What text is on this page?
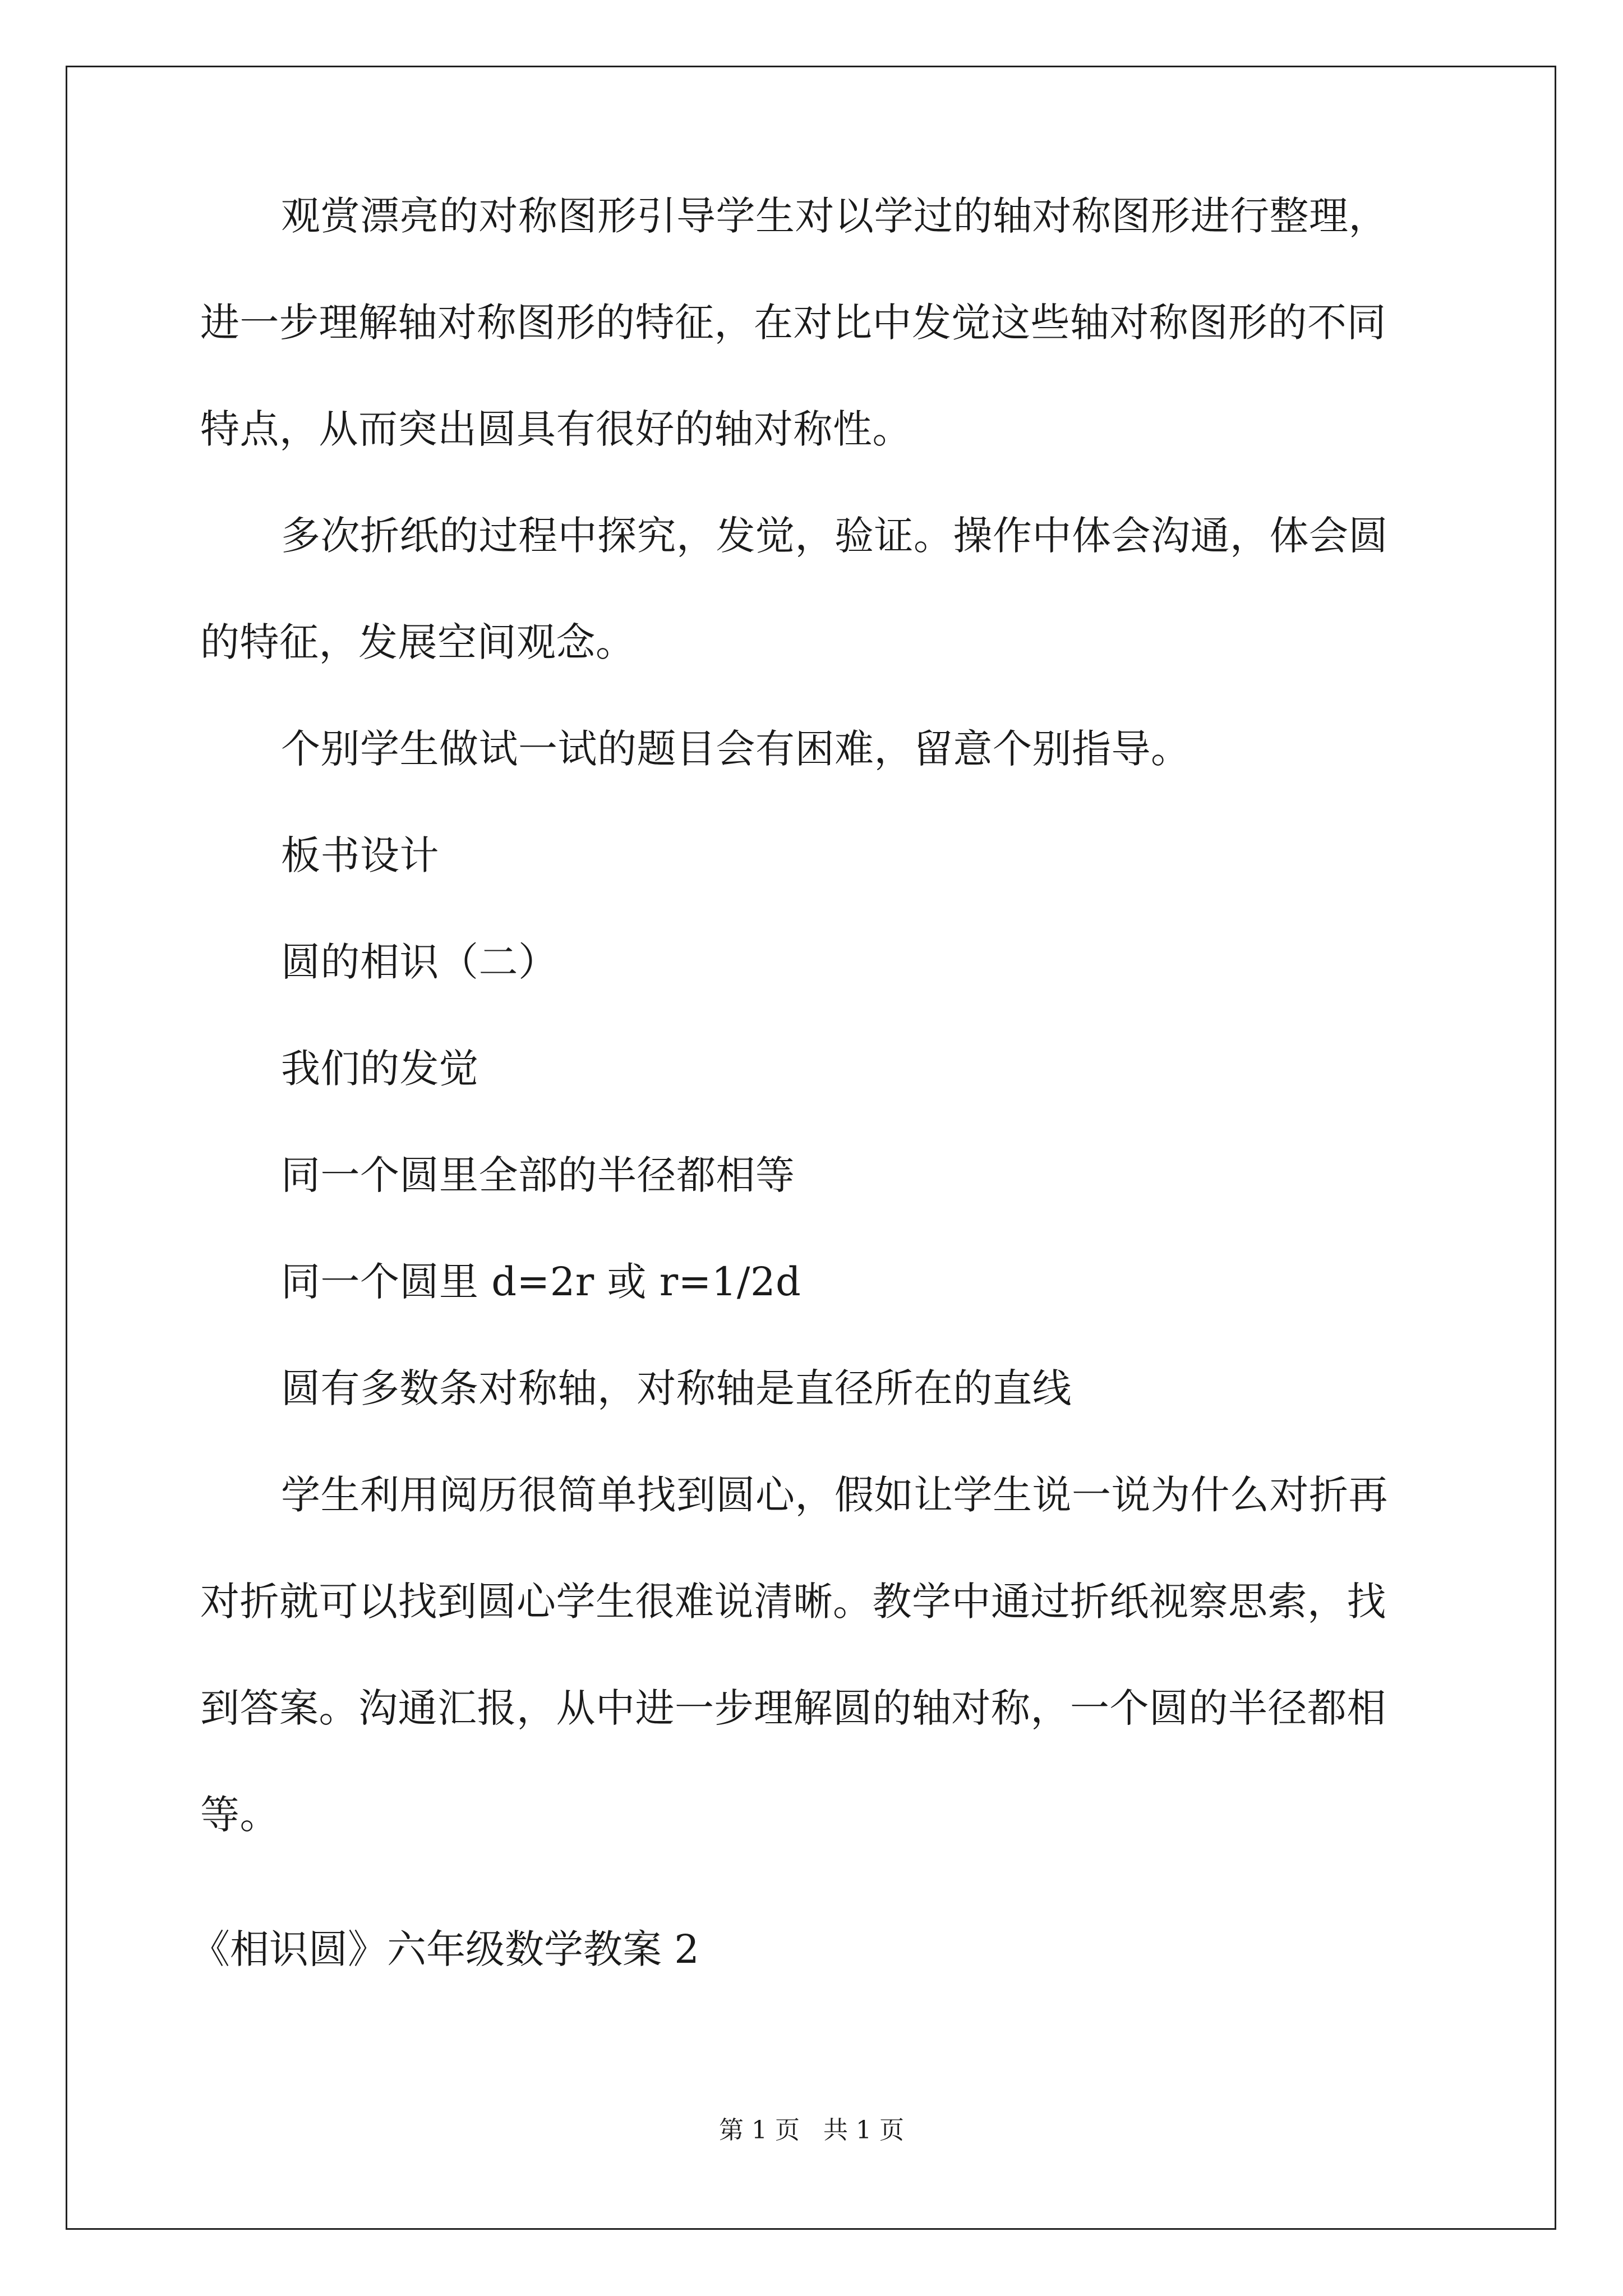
观赏漂亮的对称图形引导学生对以学过的轴对称图形进行整理，
进一步理解轴对称图形的特征，在对比中发觉这些轴对称图形的不同
特点，从而突出圆具有很好的轴对称性。
多次折纸的过程中探究，发觉，验证。操作中体会沟通，体会圆
的特征，发展空间观念。
个别学生做试一试的题目会有困难，留意个别指导。
板书设计
圆的相识（二）
我们的发觉
同一个圆里全部的半径都相等
同一个圆里 d=2r 或 r=1/2d
圆有多数条对称轴，对称轴是直径所在的直线
学生利用阅历很简单找到圆心，假如让学生说一说为什么对折再
对折就可以找到圆心学生很难说清晰。教学中通过折纸视察思索，找
到答案。沟通汇报，从中进一步理解圆的轴对称，一个圆的半径都相
等。
《相识圆》六年级数学教案 2
第 1 页 共 1 页
